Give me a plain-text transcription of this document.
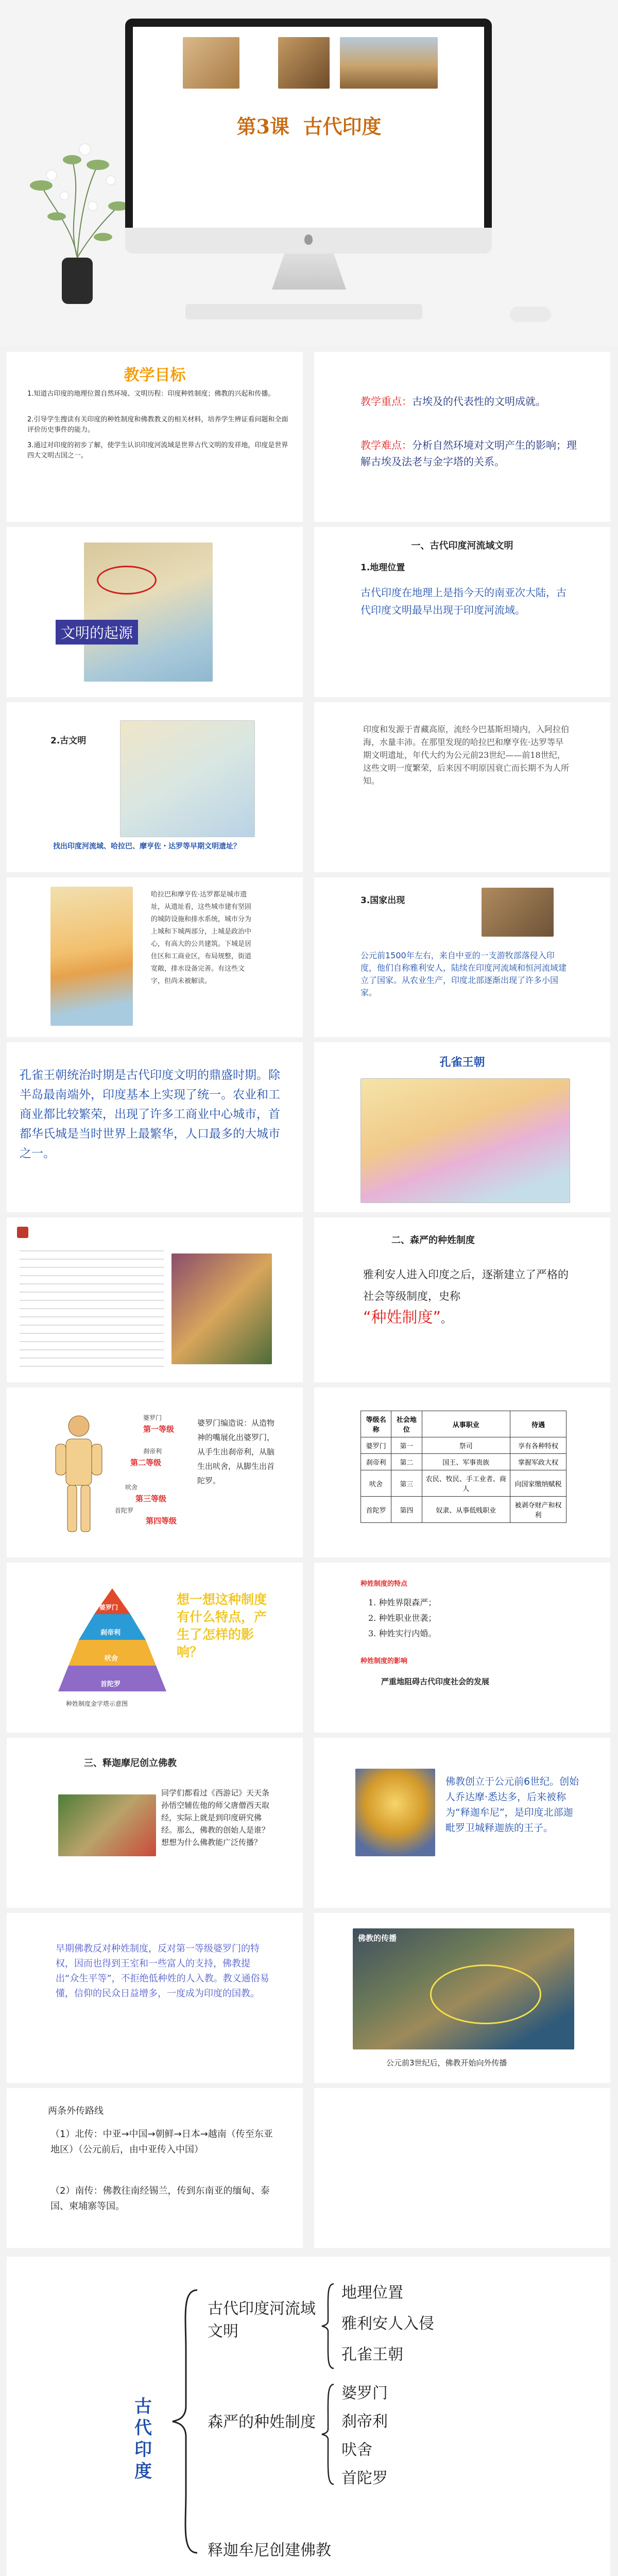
第3课 古代印度
教学目标
1.知道古印度的地理位置自然环境、文明历程：印度种姓制度；佛教的兴起和传播。
2.引导学生搜读有关印度的种姓制度和佛教教义的相关材料，培养学生辨证看问题和全面评价历史事件的能力。
3.通过对印度的初步了解，使学生认识印度河流域是世界古代文明的发祥地，印度是世界四大文明古国之一。
教学重点：古埃及的代表性的文明成就。
教学难点：分析自然环境对文明产生的影响；理解古埃及法老与金字塔的关系。
文明的起源
一、古代印度河流域文明
1.地理位置
古代印度在地理上是指今天的南亚次大陆，古代印度文明最早出现于印度河流域。
2.古文明
找出印度河流域、哈拉巴、摩亨佐・达罗等早期文明遗址？
印度和发源于青藏高原，流经今巴基斯坦境内，入阿拉伯海，水量丰沛。在那里发现的哈拉巴和摩亨佐·达罗等早期文明遗址，年代大约为公元前23世纪——前18世纪，这些文明一度繁荣，后来因不明原因衰亡而长期不为人所知。
哈拉巴和摩亨佐·达罗都是城市遗址，从遗址看，这些城市建有坚固的城防设施和排水系统，城市分为上城和下城两部分，上城是政治中心，有高大的公共建筑。下城是居住区和工商业区，布局规整，街道宽敞，排水设备完善。有这些文字，但尚未被解读。
3.国家出现
公元前1500年左右，来自中亚的一支游牧部落侵入印度，他们自称雅利安人，陆续在印度河流域和恒河流域建立了国家。从农业生产，印度北部逐渐出现了许多小国家。
孔雀王朝统治时期是古代印度文明的鼎盛时期。除半岛最南端外，印度基本上实现了统一。农业和工商业都比较繁荣，出现了许多工商业中心城市，首都华氏城是当时世界上最繁华，人口最多的大城市之一。
孔雀王朝
二、森严的种姓制度
雅利安人进入印度之后，逐渐建立了严格的社会等级制度，史称
“种姓制度”。
第一等级
第二等级
第三等级
第四等级
婆罗门
刹帝利
吠舍
首陀罗
婆罗门编造说：从造物神的嘴展化出婆罗门，从手生出刹帝利，从脑生出吠舍，从脚生出首陀罗。
等级名称	社会地位	从事职业	待遇
婆罗门	第一	祭司	享有各种特权
刹帝利	第二	国王、军事贵族	掌握军政大权
吠舍	第三	农民、牧民、手工业者、商人	向国家缴纳赋税
首陀罗	第四	奴隶、从事低贱职业	被剥夺财产和权利
婆罗门
刹帝利
吠舍
首陀罗
种姓制度金字塔示意图
想一想这种制度有什么特点，产生了怎样的影响？
种姓制度的特点
1. 种姓界限森严；
2. 种姓职业世袭；
3. 种姓实行内婚。
种姓制度的影响
严重地阻碍古代印度社会的发展
三、释迦摩尼创立佛教
同学们都看过《西游记》天天条孙悟空辅佐他的师父唐僧西天取经，实际上就是到印度研究佛经。那么，佛教的创始人是谁？想想为什么佛教能广泛传播？
佛教创立于公元前6世纪。创始人乔达摩·悉达多，后来被称为“释迦牟尼”，是印度北部迦毗罗卫城释迦族的王子。
早期佛教反对种姓制度，反对第一等级婆罗门的特权，因而也得到王室和一些富人的支持，佛教提出“众生平等”，不拒绝低种姓的人入教。教义通俗易懂，信仰的民众日益增多，一度成为印度的国教。
佛教的传播
公元前3世纪后，佛教开始向外传播
两条外传路线
（1）北传：中亚→中国→朝鲜→日本→越南（传至东亚地区）（公元前后，由中亚传入中国）
（2）南传：佛教往南经锡兰，传到东南亚的缅甸、泰国、柬埔寨等国。
古代印度
古代印度河流域文明
地理位置
雅利安人入侵
孔雀王朝
森严的种姓制度
婆罗门
刹帝利
吠舍
首陀罗
释迦牟尼创建佛教
